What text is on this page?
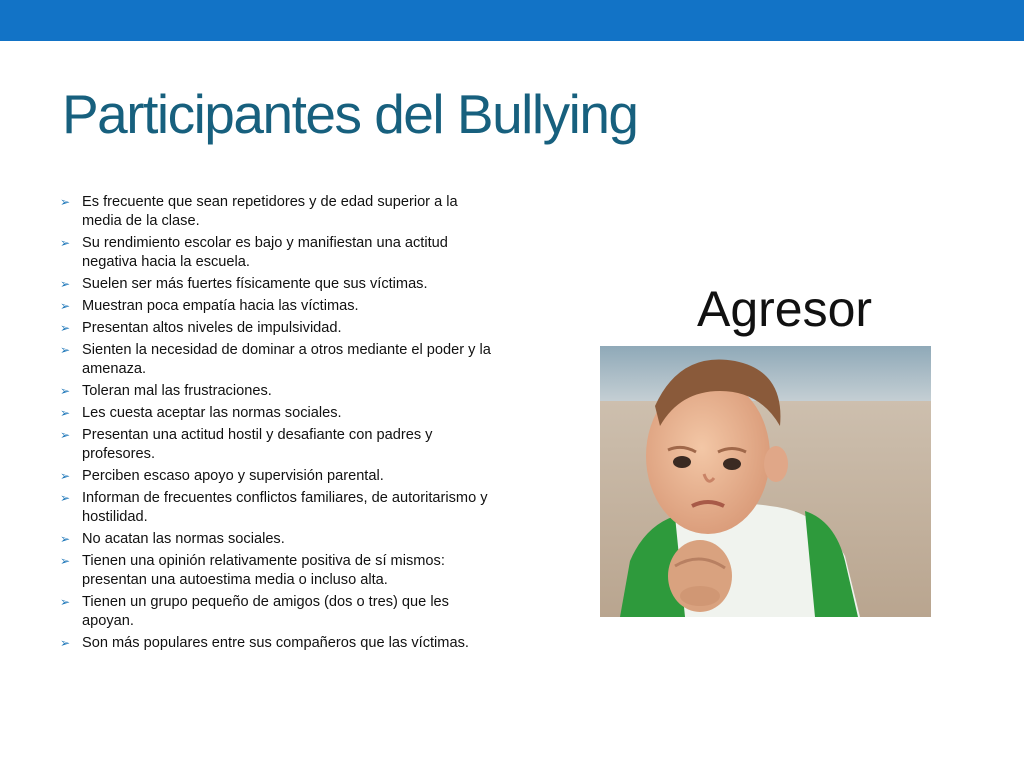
Participantes del Bullying
➢ Es frecuente que sean repetidores y de edad superior a la media de la clase.
➢ Su rendimiento escolar es bajo y manifiestan una actitud negativa hacia la escuela.
➢ Suelen ser más fuertes físicamente que sus víctimas.
➢ Muestran poca empatía hacia las víctimas.
➢ Presentan altos niveles de impulsividad.
➢ Sienten la necesidad de dominar a otros mediante el poder y la amenaza.
➢ Toleran mal las frustraciones.
➢ Les cuesta aceptar las normas sociales.
➢ Presentan una actitud hostil y desafiante con padres y profesores.
➢ Perciben escaso apoyo y supervisión parental.
➢ Informan de frecuentes conflictos familiares, de autoritarismo y hostilidad.
➢ No acatan las normas sociales.
➢ Tienen una opinión relativamente positiva de sí mismos: presentan una autoestima media o incluso alta.
➢ Tienen un grupo pequeño de amigos (dos o tres) que les apoyan.
➢ Son más populares entre sus compañeros que las víctimas.
Agresor
